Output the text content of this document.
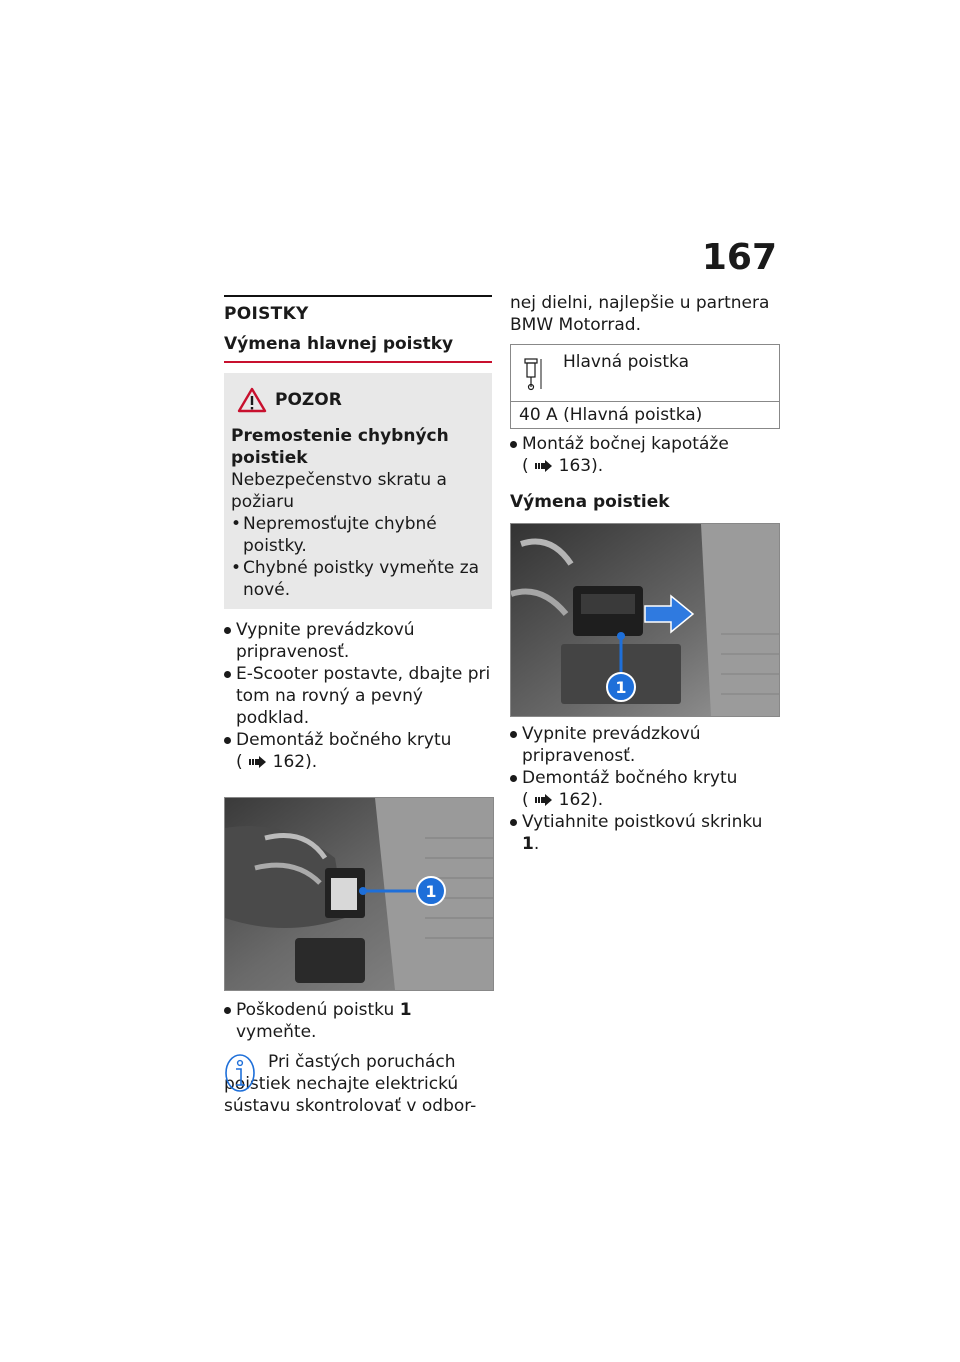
167
POISTKY
Výmena hlavnej poistky
POZOR
Premostenie chybných poistiek
Nebezpečenstvo skratu a požiaru
• Nepremosťujte chybné poistky.
• Chybné poistky vymeňte za nové.
Vypnite prevádzkovú pripravenosť.
E-Scooter postavte, dbajte pri tom na rovný a pevný podklad.
Demontáž bočného krytu
( 162).
1
Poškodenú poistku 1
vymeňte.
Pri častých poruchách poistiek nechajte elektrickú sústavu skontrolovať v odbor-
nej dielni, najlepšie u partnera BMW Motorrad.
Hlavná poistka
40 A (Hlavná poistka)
Montáž bočnej kapotáže
( 163).
Výmena poistiek
1
Vypnite prevádzkovú pripravenosť.
Demontáž bočného krytu
( 162).
Vytiahnite poistkovú skrinku 1.
